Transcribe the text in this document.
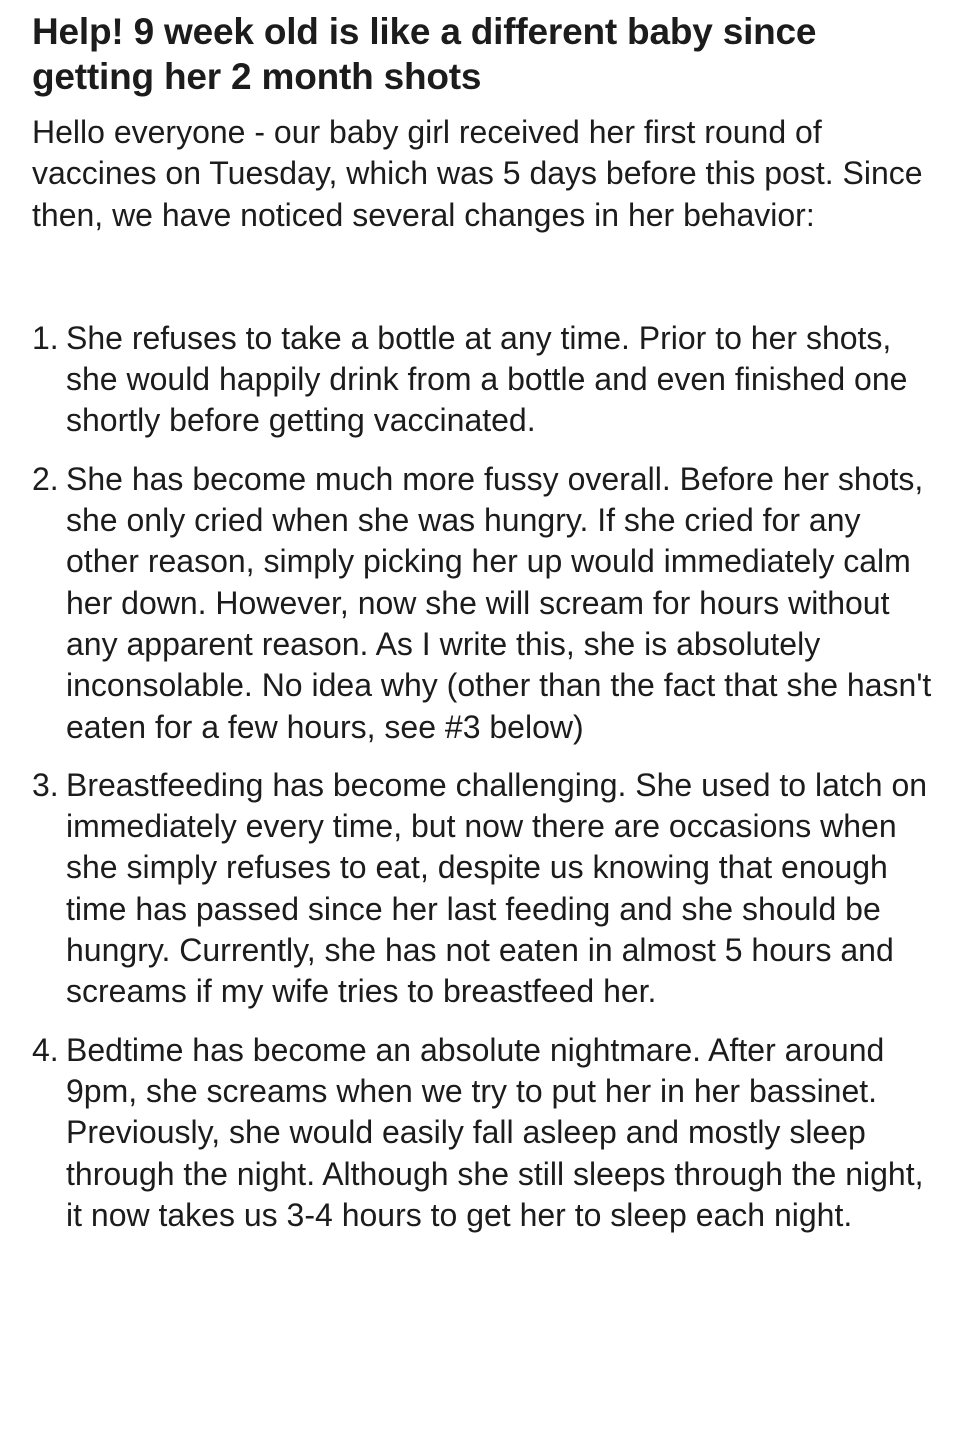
Help! 9 week old is like a different baby since getting her 2 month shots

Hello everyone - our baby girl received her first round of vaccines on Tuesday, which was 5 days before this post. Since then, we have noticed several changes in her behavior:

1. She refuses to take a bottle at any time. Prior to her shots, she would happily drink from a bottle and even finished one shortly before getting vaccinated.
2. She has become much more fussy overall. Before her shots, she only cried when she was hungry. If she cried for any other reason, simply picking her up would immediately calm her down. However, now she will scream for hours without any apparent reason. As I write this, she is absolutely inconsolable. No idea why (other than the fact that she hasn't eaten for a few hours, see #3 below)
3. Breastfeeding has become challenging. She used to latch on immediately every time, but now there are occasions when she simply refuses to eat, despite us knowing that enough time has passed since her last feeding and she should be hungry. Currently, she has not eaten in almost 5 hours and screams if my wife tries to breastfeed her.
4. Bedtime has become an absolute nightmare. After around 9pm, she screams when we try to put her in her bassinet. Previously, she would easily fall asleep and mostly sleep through the night. Although she still sleeps through the night, it now takes us 3-4 hours to get her to sleep each night.
